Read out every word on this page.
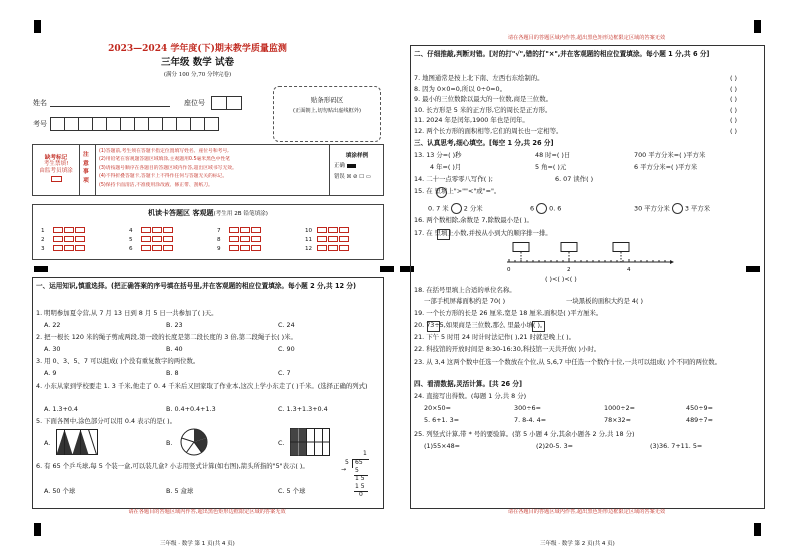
2023—2024 学年度(下)期末教学质量监测
三年级 数学 试卷
(满分 100 分,70 分钟完卷)
姓名	座位号
考号
贴条形码区
(正面朝上,切勿贴出虚线框外)
缺考标记
考生禁填!
由监考员填涂
注意事项
(1)答题前,考生须在答题卡指定位置填写姓名、座位号和考号,
(2)用铅笔在客观题答题区域填涂,主观题用0.5毫米黑色中性笔
(3)请按题号顺序在各题目的答题区域内作答,超出区域书写无效。
(4)不得折叠答题卡,答题卡上不得作任何与答题无关的标记。
(5)保持卡面清洁,不准使用涂改液、修正带、刮纸刀。
填涂样例
正确
错误 ☒ ⊘ ☐ ▭
机读卡答题区 客观题(考生用 2B 铅笔填涂)
1
2
3
4
5
6
7
8
9
10
11
12
一、运用知识,慎重选择。(把正确答案的序号填在括号里,并在客观题的相应位置填涂。每小题 2 分,共 12 分)
1. 明明参加夏令营,从 7 月 13 日到 8 月 5 日一共参加了( )天。
A. 22	B. 23	C. 24
2. 把一根长 120 米的绳子剪成两段,第一段的长度是第二段长度的 3 倍,第二段绳子长( )米。
A. 30	B. 40	C. 90
3. 用 0、3、5、7 可以组成( )个没有重复数字的两位数。
A. 9	B. 8	C. 7
4. 小东从家到学校要走 1. 3 千米,他走了 0. 4 千米后又回家取了作业本,这次上学小东走了( )千米。(选择正确的列式)
A. 1.3+0.4	B. 0.4+0.4+1.3	C. 1.3+1.3+0.4
5. 下面各图中,涂色部分可以用 0.4 表示的是( )。
A.	B.	C.
6. 有 65 个乒乓球,每 5 个装一盒,可以装几盒? 小志用竖式计算(如右图),箭头所指的"5"表示( )。
A. 50 个球	B. 5 盒球	C. 5 个球
1
5 65
5
→
1 5
1 5
0
请在各题目的答题区域内作答,超出黑色矩形边框限定区域的答案无效
三年级 · 数学 第 1 页(共 4 页)
请在各题目的答题区域内作答,超出黑色矩形边框限定区域的答案无效
二、仔细推敲,判断对错。[对的打"√",错的打"×",并在客观题的相应位置填涂。每小题 1 分,共 6 分]
7. 地图通常是按上北下南、左西右东绘制的。	( )
8. 因为 0×0=0,所以 0÷0=0。	( )
9. 最小的三位数除以最大的一位数,商是三位数。	( )
10. 长方形是 5 米的正方形,它的周长是正方形。	( )
11. 2024 年是闰年,1900 年也是闰年。	( )
12. 两个长方形的面积相等,它们的周长也一定相等。	( )
三、认真思考,细心填空。[每空 1 分,共 26 分]
13. 13 分=( )秒	48 时=( )日	700 平方分米=( )平方米
4 年=( )月	5 角=( )元	6 平方分米=( )平方米
14. 二十一点零零八写作( );	6. 07 读作( )
15. 在 里填上">""<"或"="。
0. 7 米 2 分米	6 0. 6	30 平方分米 3 平方米
16. 两个数相除,余数是 7,除数最小是( )。
17. 在 里填上小数,并按从小到大的顺序排一排。
0	2	4
( )<( )<( )
18. 在括号里填上合适的单位名称。
一部手机屏幕面积约是 70( )	一块黑板的面积大约是 4( )
19. 一个长方形的长是 26 厘米,宽是 18 厘米,面积是( )平方厘米。
20. 73÷5,如果商是三位数,那么 里最小填( )。
21. 下午 5 时用 24 时计时法记作( ),21 时就是晚上( )。
22. 科技馆的开放时间是 8:30-16:30,科技馆一天共开放( )小时。
23. 从 3,4 这两个数中任选一个数放在个位,从 5,6,7 中任选一个数作十位,一共可以组成( )个不同的两位数。
四、看清数据,灵活计算。[共 26 分]
24. 直接写出得数。(每题 1 分,共 8 分)
20×50=	300÷6=	1000÷2=	450÷9=
5. 6+1. 3=	7. 8-4. 4=	78×32≈	489÷7≈
25. 列竖式计算,带 * 号的要验算。(第 5 小题 4 分,其余小题各 2 分,共 18 分)
(1)55×48=	(2)20-5. 3=	(3)36. 7+11. 5=
请在各题目的答题区域内作答,超出黑色矩形边框限定区域的答案无效
三年级 · 数学 第 2 页(共 4 页)
